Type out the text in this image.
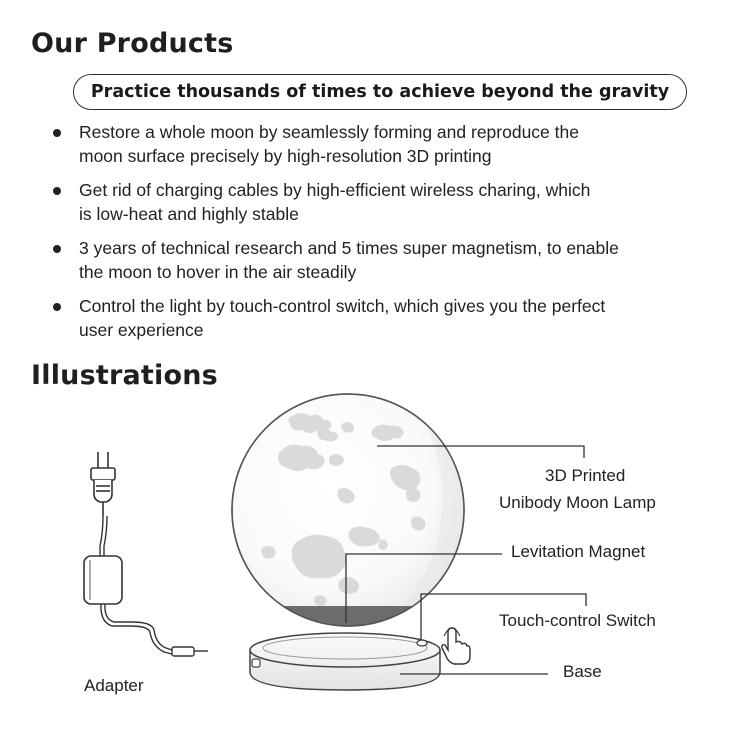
Our Products
Practice thousands of times to achieve beyond the gravity
Restore a whole moon by seamlessly forming and reproduce the
moon surface precisely by high-resolution 3D printing
Get rid of charging cables by high-efficient wireless charing, which
is low-heat and highly stable
3 years of technical research and 5 times super magnetism, to enable
the moon to hover in the air steadily
Control the light by touch-control switch, which gives you the perfect
user experience
Illustrations
3D Printed
Unibody Moon Lamp
Levitation Magnet
Touch-control Switch
Base
Adapter
